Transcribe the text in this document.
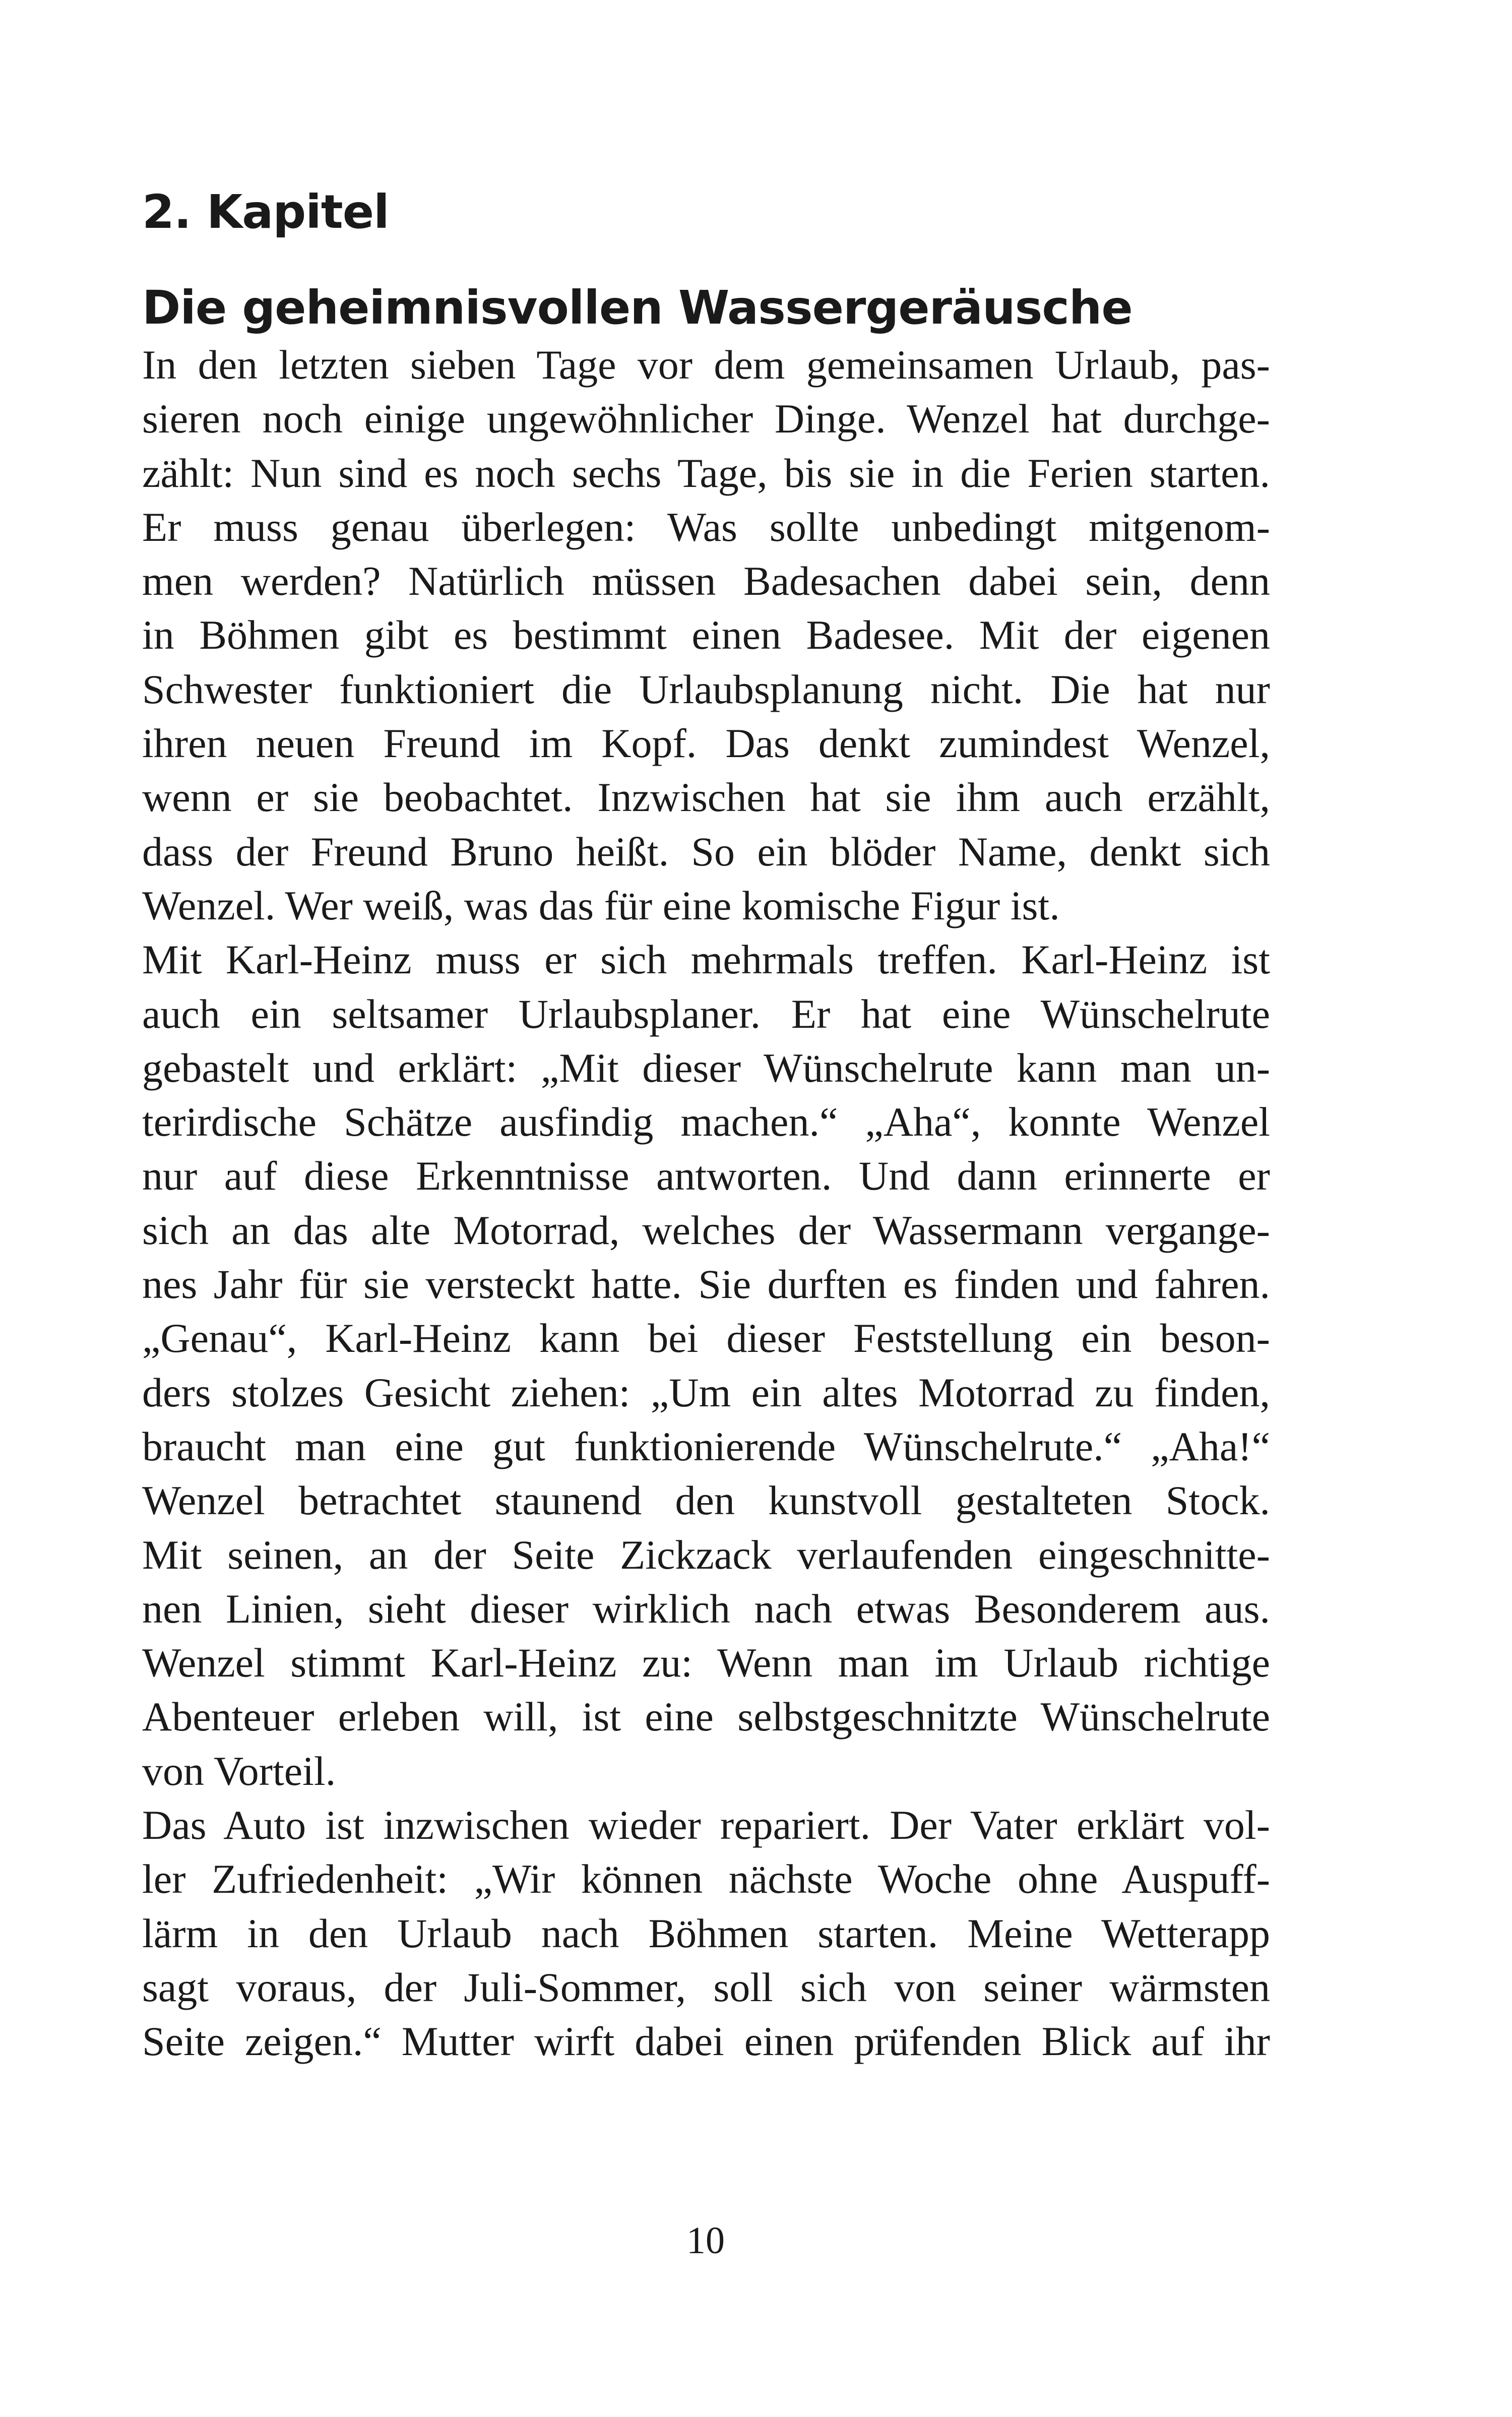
2. Kapitel
Die geheimnisvollen Wassergeräusche

In den letzten sieben Tage vor dem gemeinsamen Urlaub, pas-
sieren noch einige ungewöhnlicher Dinge. Wenzel hat durchge-
zählt: Nun sind es noch sechs Tage, bis sie in die Ferien starten.
Er muss genau überlegen: Was sollte unbedingt mitgenom-
men werden? Natürlich müssen Badesachen dabei sein, denn
in Böhmen gibt es bestimmt einen Badesee. Mit der eigenen
Schwester funktioniert die Urlaubsplanung nicht. Die hat nur
ihren neuen Freund im Kopf. Das denkt zumindest Wenzel,
wenn er sie beobachtet. Inzwischen hat sie ihm auch erzählt,
dass der Freund Bruno heißt. So ein blöder Name, denkt sich
Wenzel. Wer weiß, was das für eine komische Figur ist.

Mit Karl-Heinz muss er sich mehrmals treffen. Karl-Heinz ist
auch ein seltsamer Urlaubsplaner. Er hat eine Wünschelrute
gebastelt und erklärt: „Mit dieser Wünschelrute kann man un-
terirdische Schätze ausfindig machen.“ „Aha“, konnte Wenzel
nur auf diese Erkenntnisse antworten. Und dann erinnerte er
sich an das alte Motorrad, welches der Wassermann vergange-
nes Jahr für sie versteckt hatte. Sie durften es finden und fahren.
„Genau“, Karl-Heinz kann bei dieser Feststellung ein beson-
ders stolzes Gesicht ziehen: „Um ein altes Motorrad zu finden,
braucht man eine gut funktionierende Wünschelrute.“ „Aha!“
Wenzel betrachtet staunend den kunstvoll gestalteten Stock.
Mit seinen, an der Seite Zickzack verlaufenden eingeschnitte-
nen Linien, sieht dieser wirklich nach etwas Besonderem aus.
Wenzel stimmt Karl-Heinz zu: Wenn man im Urlaub richtige
Abenteuer erleben will, ist eine selbstgeschnitzte Wünschelrute
von Vorteil.

Das Auto ist inzwischen wieder repariert. Der Vater erklärt vol-
ler Zufriedenheit: „Wir können nächste Woche ohne Auspuff-
lärm in den Urlaub nach Böhmen starten. Meine Wetterapp
sagt voraus, der Juli-Sommer, soll sich von seiner wärmsten
Seite zeigen.“ Mutter wirft dabei einen prüfenden Blick auf ihr

10
